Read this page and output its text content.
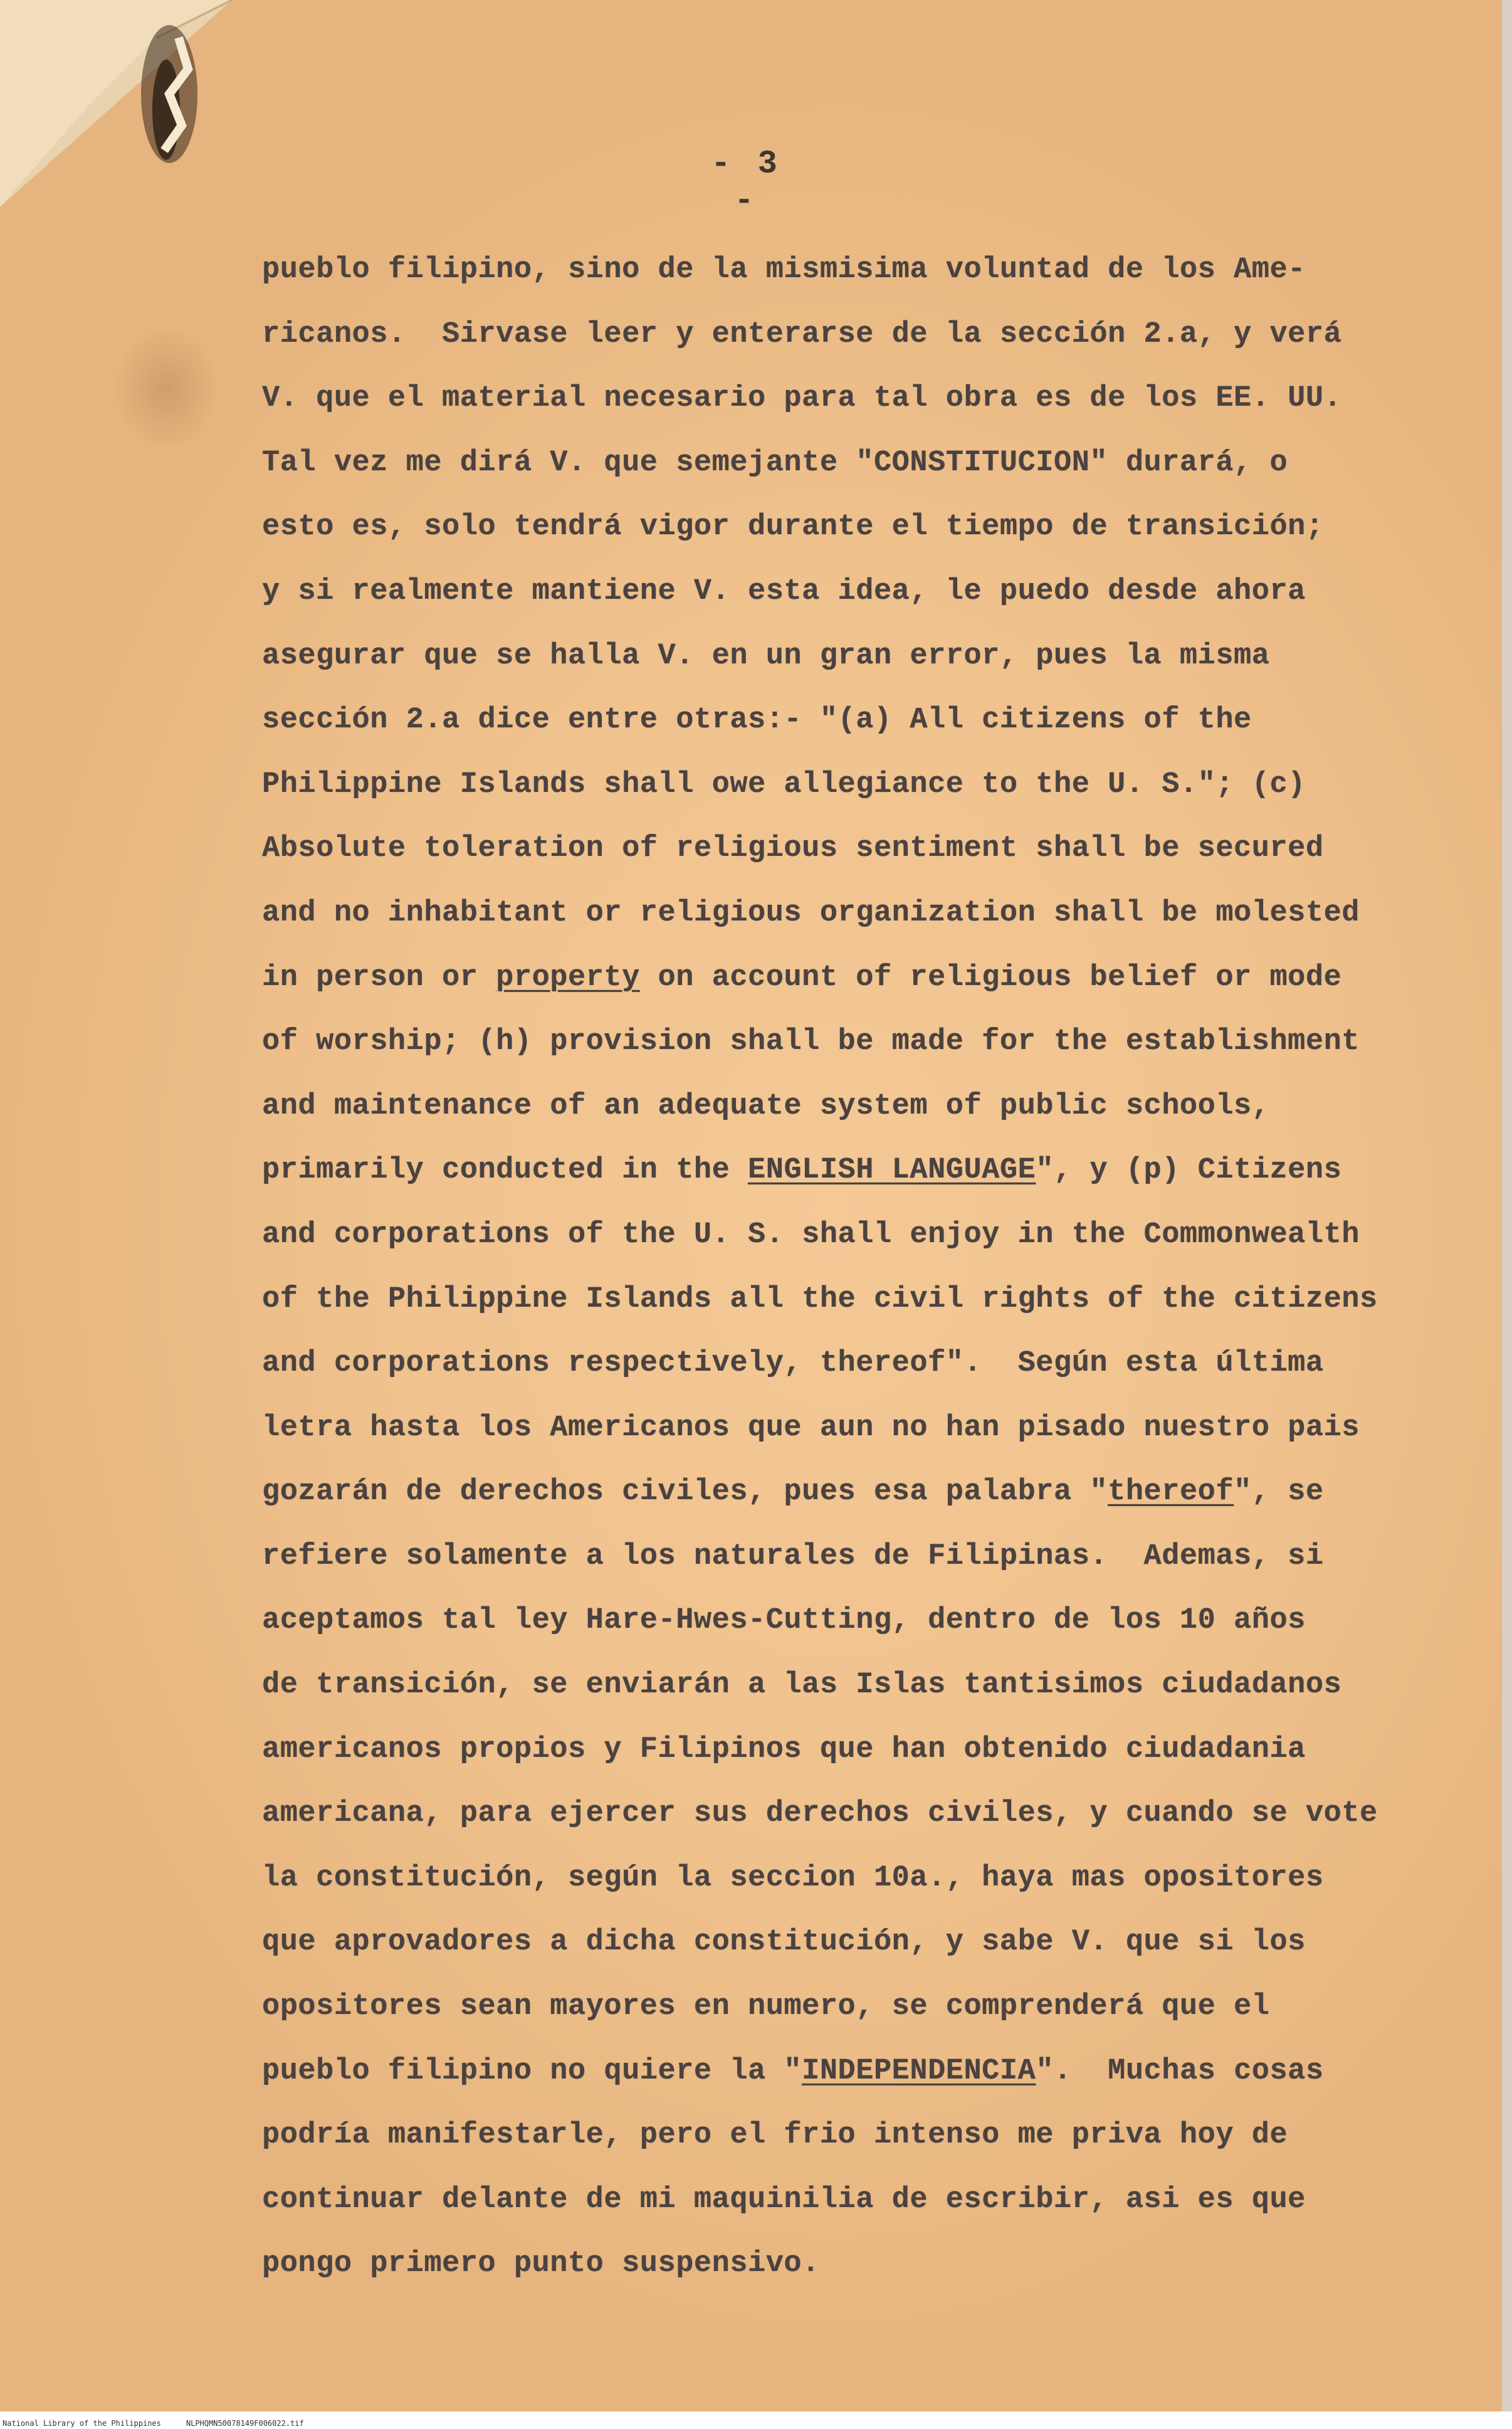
- 3 -
pueblo filipino, sino de la mismisima voluntad de los Ame-
ricanos.  Sirvase leer y enterarse de la sección 2.a, y verá
V. que el material necesario para tal obra es de los EE. UU.
Tal vez me dirá V. que semejante "CONSTITUCION" durará, o
esto es, solo tendrá vigor durante el tiempo de transición;
y si realmente mantiene V. esta idea, le puedo desde ahora
asegurar que se halla V. en un gran error, pues la misma
sección 2.a dice entre otras:- "(a) All citizens of the
Philippine Islands shall owe allegiance to the U. S."; (c)
Absolute toleration of religious sentiment shall be secured
and no inhabitant or religious organization shall be molested
in person or property on account of religious belief or mode
of worship; (h) provision shall be made for the establishment
and maintenance of an adequate system of public schools,
primarily conducted in the ENGLISH LANGUAGE", y (p) Citizens
and corporations of the U. S. shall enjoy in the Commonwealth
of the Philippine Islands all the civil rights of the citizens
and corporations respectively, thereof".  Según esta última
letra hasta los Americanos que aun no han pisado nuestro pais
gozarán de derechos civiles, pues esa palabra "thereof", se
refiere solamente a los naturales de Filipinas.  Ademas, si
aceptamos tal ley Hare-Hwes-Cutting, dentro de los 10 años
de transición, se enviarán a las Islas tantisimos ciudadanos
americanos propios y Filipinos que han obtenido ciudadania
americana, para ejercer sus derechos civiles, y cuando se vote
la constitución, según la seccion 10a., haya mas opositores
que aprovadores a dicha constitución, y sabe V. que si los
opositores sean mayores en numero, se comprenderá que el
pueblo filipino no quiere la "INDEPENDENCIA".  Muchas cosas
podría manifestarle, pero el frio intenso me priva hoy de
continuar delante de mi maquinilia de escribir, asi es que
pongo primero punto suspensivo.
National Library of the Philippines	NLPHQMN50078149F006022.tif
